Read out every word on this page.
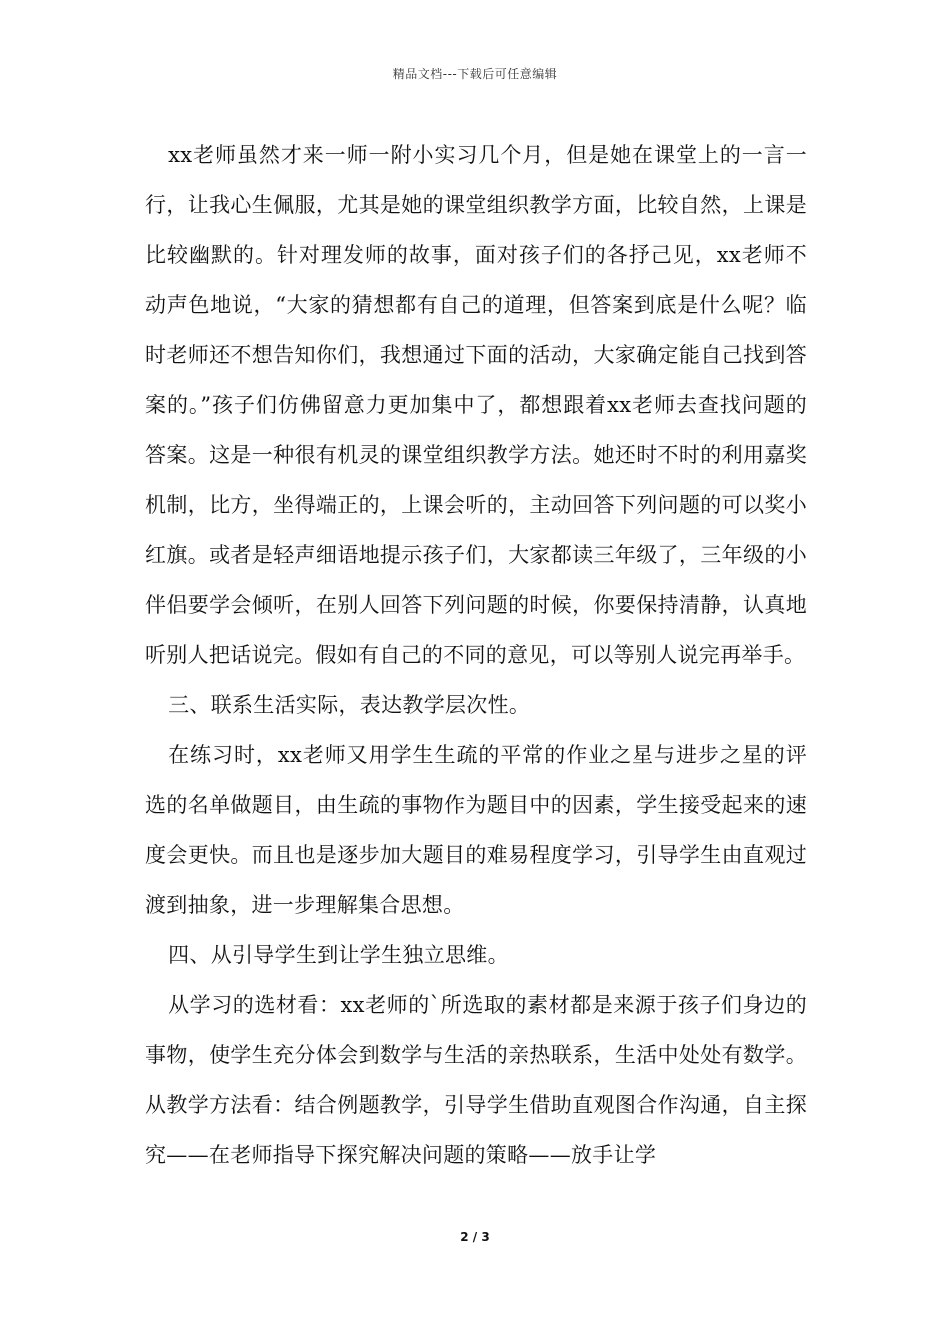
精品文档---下载后可任意编辑

xx老师虽然才来一师一附小实习几个月，但是她在课堂上的一言一行，让我心生佩服，尤其是她的课堂组织教学方面，比较自然，上课是比较幽默的。针对理发师的故事，面对孩子们的各抒己见，xx老师不动声色地说，“大家的猜想都有自己的道理，但答案到底是什么呢？临时老师还不想告知你们，我想通过下面的活动，大家确定能自己找到答案的。”孩子们仿佛留意力更加集中了，都想跟着xx老师去查找问题的答案。这是一种很有机灵的课堂组织教学方法。她还时不时的利用嘉奖机制，比方，坐得端正的，上课会听的，主动回答下列问题的可以奖小红旗。或者是轻声细语地提示孩子们，大家都读三年级了，三年级的小伴侣要学会倾听，在别人回答下列问题的时候，你要保持清静，认真地听别人把话说完。假如有自己的不同的意见，可以等别人说完再举手。

三、联系生活实际，表达教学层次性。

在练习时，xx老师又用学生生疏的平常的作业之星与进步之星的评选的名单做题目，由生疏的事物作为题目中的因素，学生接受起来的速度会更快。而且也是逐步加大题目的难易程度学习，引导学生由直观过渡到抽象，进一步理解集合思想。

四、从引导学生到让学生独立思维。

从学习的选材看：xx老师的`所选取的素材都是来源于孩子们身边的事物，使学生充分体会到数学与生活的亲热联系，生活中处处有数学。从教学方法看：结合例题教学，引导学生借助直观图合作沟通，自主探究——在老师指导下探究解决问题的策略——放手让学

2 / 3
